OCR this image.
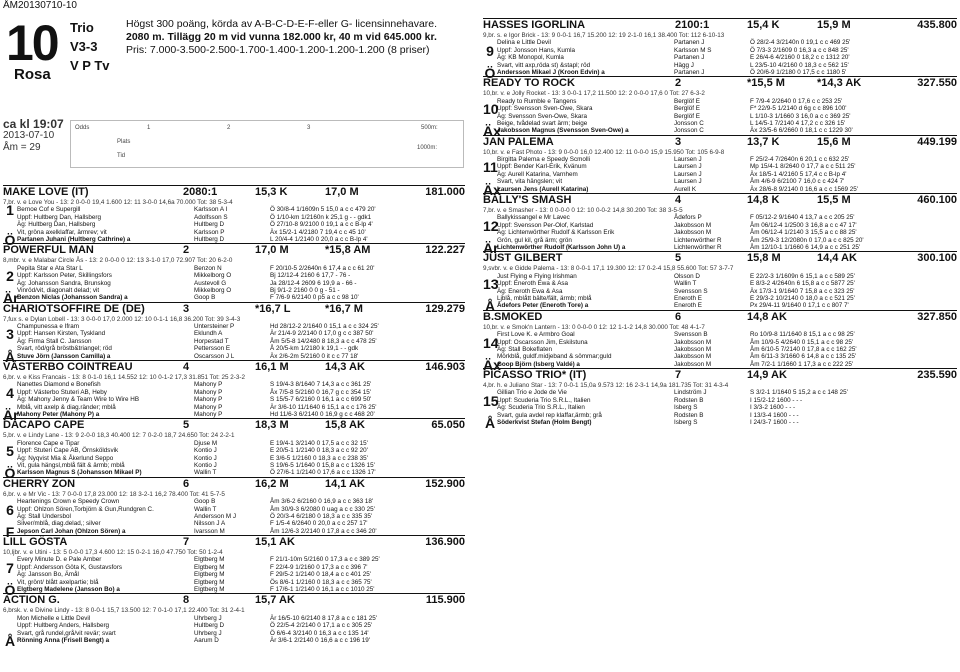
ÅM20130710-10
10 Trio
V3-3
V P Tv
Rosa
Högst 300 poäng, körda av A-B-C-D-E-F-eller G- licensinnehavare.
2080 m. Tillägg 20 m vid vunna 182.000 kr, 40 m vid 645.000 kr.
Pris: 7.000-3.500-2.500-1.700-1.400-1.200-1.200-1.200 (8 priser)
ca kl 19:07
2013-07-10
Åm = 29
Odds	1	2	3	500m:
Plats
Tid
1000m:
MAKE LOVE (IT)	2080:1	15,3 K	17,0 M	181.000
7,br. v. e Love You - 13: 2 0-0-0 19,4 1.600 12: 11 3-0-0 14,6a 70.000 Tot: 38 5-3-4
1 Bernoe Cof e Supergill	Karlsson A I	Ö 30/8-4 1/1609n 5 15,0 a c c 479 20'
Uppf: Hultberg Dan, Hallsberg	Adolfsson S	Ö 1/10-km 1/2160n k 25,1 g - - gdk1
Äg: Hultberg Dan, Hallsberg	Hultberg D	Ö 27/10-8 9/2100 0 19,1 a c c B-lp 4'
Vit, gröna axelklaffar, ärmrev; vit	Karlsson P	Äx 15/2-1 4/2180 7 19,4 c c 45 10'
Ö Partanen Juhani (Hultberg Cathrine) a	Hultberg D	L 20/4-4 1/2140 0 20,0 a c c B-lp 4'
POWERFUL MAN	2	17,0 M	*15,8 AM	122.227
8,mbr. v. e Malabar Circle Ås - 13: 2 0-0-0 0 12: 13 3-1-0 17,0 72.907 Tot: 20 6-2-0
Pepita Star e Ata Star L	Benzon N	F 20/10-5 2/2640n 6 17,4 a c c 61 20'
2 Uppf: Karlsson Peter, Skillingsfors	Mikkelborg O	Bj 12/12-4 2160 6 17,7 - 76 -
Äg: Johansson Sandra, Brunskog	Austevoll G	Ja 28/12-4 2609 6 19,9 a - 66 -
Vinröd/vit, diagonalt delad; vit	Mikkelborg O	Bj 9/1-2 2160 0 0 g - 51 -
Är
Benzon Niclas (Johansson Sandra) a	Goop B	F 7/6-9 6/2140 0 p5 a c c 98 10'
CHARIOTSOFFIRE DE (DE)	3	*16,7 L	*16,7 M	129.279
7,fux s. e Dylan Lobell - 13: 3 0-0-0 17,0 2.000 12: 10 0-1-1 16,8 36.200 Tot: 39 3-4-3
Champunessa e Ifram	Untersteiner P	Hd 28/12-2 2/1640 0 15,1 a c c 324 25'
3 Uppf: Hansen Kirsten, Tyskland	Eklundh A	Är 21/4-9 2/2140 0 17,0 g c c 387 50'
Äg: Firma Stall C. Jansson	Horpestad T	Åm 5/5-8 14/2480 8 18,3 a c c 478 25'
Svart, röd/grå bröstb&triangel; röd	Pettersson E	Å 20/5-km 1/2180 k 19,1 - - gdk
Å Stuve Jörn (Jansson Camilla) a	Oscarsson J L	Äx 2/6-2m 5/2160 0 it c c 77 18'
VÄSTERBO COINTREAU	4	16,1 M	14,3 AK	146.903
6,br. v. e Kiss Francais - 13: 8 0-1-0 16,1 14.552 12: 10 0-1-2 17,3 31.851 Tot: 25 2-3-2
Nanettes Diamond e Bonefish	Mahony P	S 19/4-3 8/1640 7 14,3 a c c 361 25'
4 Uppf: Västerbo Stuteri AB, Heby	Mahony P	Åx 7/5-8 5/2160 0 16,7 g c c 354 15'
Äg: Mahony Jenny & Team Wire to Wire HB	Mahony P	S 15/5-7 6/2160 0 16,1 a c c 699 50'
Mblå, vitt axelp & diag.ränder; mblå	Mahony P	Är 3/6-10 11/1640 6 15,1 a c c 176 25'
Är
Mahony Peter (Mahony P) a	Mahony P	Hd 11/6-3 6/2140 0 16,9 g c c 468 20'
DACAPO CAPE	5	18,3 M	15,8 AK	65.050
5,br. v. e Lindy Lane - 13: 9 2-0-0 18,3 40.400 12: 7 0-2-0 18,7 24.650 Tot: 24 2-2-1
Florence Cape e Tipar	Djuse M	E 19/4-1 3/2140 0 17,5 a c c 32 15'
5 Uppf: Stuteri Cape AB, Örnsköldsvik	Kontio J	E 20/5-1 1/2140 0 18,3 a c c 92 20'
Äg: Nyqvist Mia & Åkerlund Seppo	Kontio J	E 3/6-5 1/2160 0 18,3 a c c 238 35'
Vit, gula hängsl,mblå fält & ärmb; mblå	Kontio J	S 19/6-5 1/1640 0 15,8 a c c 1326 15'
Ö Karlsson Magnus S (Johansson Mikael P)	Wallin T	Ö 27/6-1 1/2140 0 17,6 a c c 1326 17'
CHERRY ZON	6	16,2 M	14,1 AK	152.900
6,br. v. e Mr Vic - 13: 7 0-0-0 17,8 23.000 12: 18 3-2-1 16,2 78.400 Tot: 41 5-7-5
Heartenings Crown e Speedy Crown	Goop B	Åm 3/6-2 6/2160 0 16,9 a c c 363 18'
6 Uppf: Ohlzon Sören,Torbjörn & Gun,Rundgren C.	Wallin T	Åm 30/9-3 6/2080 0 uag a c c 330 25'
Äg: Stall Undersbol	Andersson M J	Ö 20/3-4 6/2180 0 18,3 a c c 335 35'
Silver/mblå, diag.delad,; silver	Nilsson J A	F 1/5-4 6/2640 0 20,0 a c c 257 17'
F Jepson Carl Johan (Ohlzon Sören) a	Ivarsson M	Åm 12/6-3 2/2140 0 17,8 a c c 346 20'
LILL GÖSTA	7	15,1 AK	136.900
10,ljbr. v. e Utini - 13: 5 0-0-0 17,3 4.600 12: 15 0-2-1 16,0 47.750 Tot: 50 1-2-4
Every Minute D. e Pale Amber	Elgtberg M	F 21/1-10m 5/2160 0 17,3 a c c 389 25'
7 Uppf: Andersson Göta K, Gustavsfors	Elgtberg M	F 22/4-9 1/2160 0 17,3 a c c 396 7'
Äg: Jansson Bo, Ämål	Elgtberg M	F 29/5-2 1/2140 0 18,4 a c c 401 25'
Vit, grönt/ blått axelpartie; blå	Elgtberg M	Ös 8/6-1 1/2160 0 18,3 a c c 365 75'
Ö Elgtberg Madelene (Jansson Bo) a	Elgtberg M	F 17/6-1 1/2140 0 16,1 a c c 1010 25'
ACTION G.	8	15,7 AK	115.900
6,brsk. v. e Divine Lindy - 13: 8 0-0-1 15,7 13.500 12: 7 0-1-0 17,1 22.400 Tot: 31 2-4-1
Mon Michelle e Little Devil	Uhrberg J	Är 16/5-10 6/2140 8 17,8 a c c 181 25'
Uppf: Hultberg Anders, Hallsberg	Hultberg D	Ö 22/5-4 2/2140 0 17,1 a c c 305 25'
Svart, grå rundel,grå/vit revär; svart	Uhrberg J	Ö 6/6-4 3/2140 0 16,3 a c c 135 14'
Å Rönning Anna (Frisell Bengt) a	Aarum D	Är 3/6-1 2/2140 0 16,6 a c c 196 19'
HASSES IGORLINA	2100:1	15,4 K	15,9 M	435.800
9,br. s. e Igor Brick - 13: 9 0-0-1 16,7 15.200 12: 19 2-1-0 16,1 38.400 Tot: 112 6-10-13
Delina e Little Devil	Partanen J	Ö 28/2-4 3/2140n 0 19,1 c c 469 25'
9 Uppf: Jonsson Hans, Kumla	Karlsson M S	Ö 7/3-3 2/1609 0 16,3 a c c 848 25'
Äg: KB Monopol, Kumla	Partanen J	E 26/4-6 4/2160 0 18,2 c c 1312 20'
Svart, vitt axp,röda st) &stapl; röd	Hägg J	L 23/5-10 4/2160 0 18,3 c c 562 15'
Ö Andersson Mikael J (Kroon Edvin) a	Partanen J	Ö 20/6-9 1/2180 0 17,5 c c 1180 5'
READY TO ROCK	2	*15,5 M	*14,3 AK	327.550
10,br. v. e Jolly Rocket - 13: 3 0-0-1 17,2 11.500 12: 2 0-0-0 17,6 0 Tot: 27 6-3-2
Ready to Rumble e Tangens	Berglöf E	F 7/9-4 2/2640 0 17,6 c c 253 25'
10
Uppf: Svensson Sven-Owe, Skara	Berglöf E	F* 22/9-5 1/2140 d 6g c c 896 100'
Äg: Svensson Sven-Owe, Skara	Berglöf E	L 1/10-3 1/1660 3 16,0 a c c 369 25'
Beige, tvådelad svart ärm; beige	Jonsson C	L 14/5-1 7/2140 4 17,2 c c 326 15'
Äx
Jakobsson Magnus (Svensson Sven-Owe) a	Jonsson C	Äx 23/5-6 6/2660 0 18,1 c c 1229 30'
JAN PALEMA	3	13,7 K	15,6 M	449.199
10,br. v. e Fast Photo - 13: 9 0-0-0 16,0 12.400 12: 11 0-0-0 15,9 15.950 Tot: 105 6-9-8
Birgitta Palema e Speedy Scmolli	Laursen J	F 25/2-4 7/2640n 6 20,1 c c 632 25'
11 Uppf: Bender Karl-Erik, Kvänum	Laursen J	Mp 15/4-1 8/2640 0 17,7 a c c 511 25'
Äg: Aurell Katarina, Varnhem	Laursen J	Äx 18/5-1 4/2160 5 17,4 c c B-lp 4'
Svart, vita hängslen; vit	Laursen J	Åm 4/6-9 6/2100 7 16,0 c c 424 7'
Äx
Laursen Jens (Aurell Katarina)	Aurell K	Äx 28/6-8 9/2140 0 16,6 a c c 1569 25'
BALLY'S SMASH	4	14,8 K	15,5 M	460.100
7,br. v. e Smasher - 13: 0 0-0-0 0 12: 10 0-0-2 14,8 30.200 Tot: 38 3-5-5
Ballykissangel e Mr Lavec	Ådefors P	F 05/12-2 9/1640 4 13,7 a c c 205 25'
12
Uppf: Svensson Per-Olof, Karlstad	Jakobsson M	Åm 06/12-4 1/2500 3 16,8 a c c 47 17'
Äg: Lichtenwörther Rudolf & Karlsson Erik	Jakobsson M	Åm 06/12-4 1/2140 3 15,5 a c c 88 25'
Grön, gul kil, grå ärm; grön	Lichtenwörther R	Åm 25/9-3 12/2080n 0 17,0 a c c 825 20'
Är
Lichtenwörther Rudolf (Karlsson John U) a	Lichtenwörther R	Åm 12/10-1 1/1660 6 14,9 a c c 251 25'
JUST GILBERT	5	15,8 M	14,4 AK	300.100
9,svbr. v. e Gidde Palema - 13: 8 0-0-1 17,1 19.300 12: 17 0-2-4 15,8 55.600 Tot: 57 3-7-7
Just Flying e Flying Irishman	Olsson D	E 22/2-3 1/1609n 6 15,1 a c c 589 25'
13
Uppf: Eneroth Ewa & Asa	Wallin T	E 8/3-2 4/2640n 6 15,8 a c c 5877 25'
Äg: Eneroth Ewa & Asa	Svensson S	Äx 17/3-1 9/1640 7 15,8 a c c 323 25'
Ljblå, mblått bälte/fält, ärmb; mblå	Eneroth E	E 29/3-2 10/2140 0 18,0 a c c 521 25'
Å Ådefors Peter (Eneroth Tore) a	Eneroth E	Px 29/4-11 9/1640 0 17,1 c c 807 7'
B.SMOKED	6	14,8 AK	327.850
10,br. v. e Smok'n Lantern - 13: 0 0-0-0 0 12: 12 1-1-2 14,8 30.000 Tot: 48 4-1-7
First Love K. e Armbro Goal	Svensson B	Ro 10/9-8 11/1640 8 15,1 a c c 98 25'
14
Uppf: Oscarsson Jim, Eskilstuna	Jakobsson M	Åm 10/9-5 4/2640 0 15,1 a c c 98 25'
Äg: Stall Bokeflaten	Jakobsson M	Åm 6/10-5 7/2140 0 17,8 a c c 162 25'
Mörkblå, guldf.midjeband & sömmar;guld	Jakobsson M	Åm 6/11-3 3/1660 6 14,8 a c c 135 25'
Äx
Goop Björn (Isberg Valdé) a	Jakobsson M	Åm 7/2-1 1/1660 1 17,3 a c c 222 25'
PICASSO TRIO* (IT)	7	14,9 AK	235.590
4,br. h. e Juliano Star - 13: 7 0-0-1 15,0a 9.573 12: 16 2-3-1 14,9a 181.735 Tot: 31 4-3-4
Gillian Trio e Jode de Vie	Lindström J	S 3/2-1 1/1640 5 15,2 a c c 148 25'
15
Uppf: Scuderia Trio S.R.L., Italien	Rodsten B	I 15/2-12 1600 - - -
Äg: Scuderia Trio S.R.L., Italien	Isberg S	I 3/3-2 1600 - - -
Svart, gula avdel rep klaffar,ärmb; grå	Rodsten B	I 13/3-4 1600 - - -
Å Söderkvist Stefan (Holm Bengt)	Isberg S	I 24/3-7 1600 - - -
